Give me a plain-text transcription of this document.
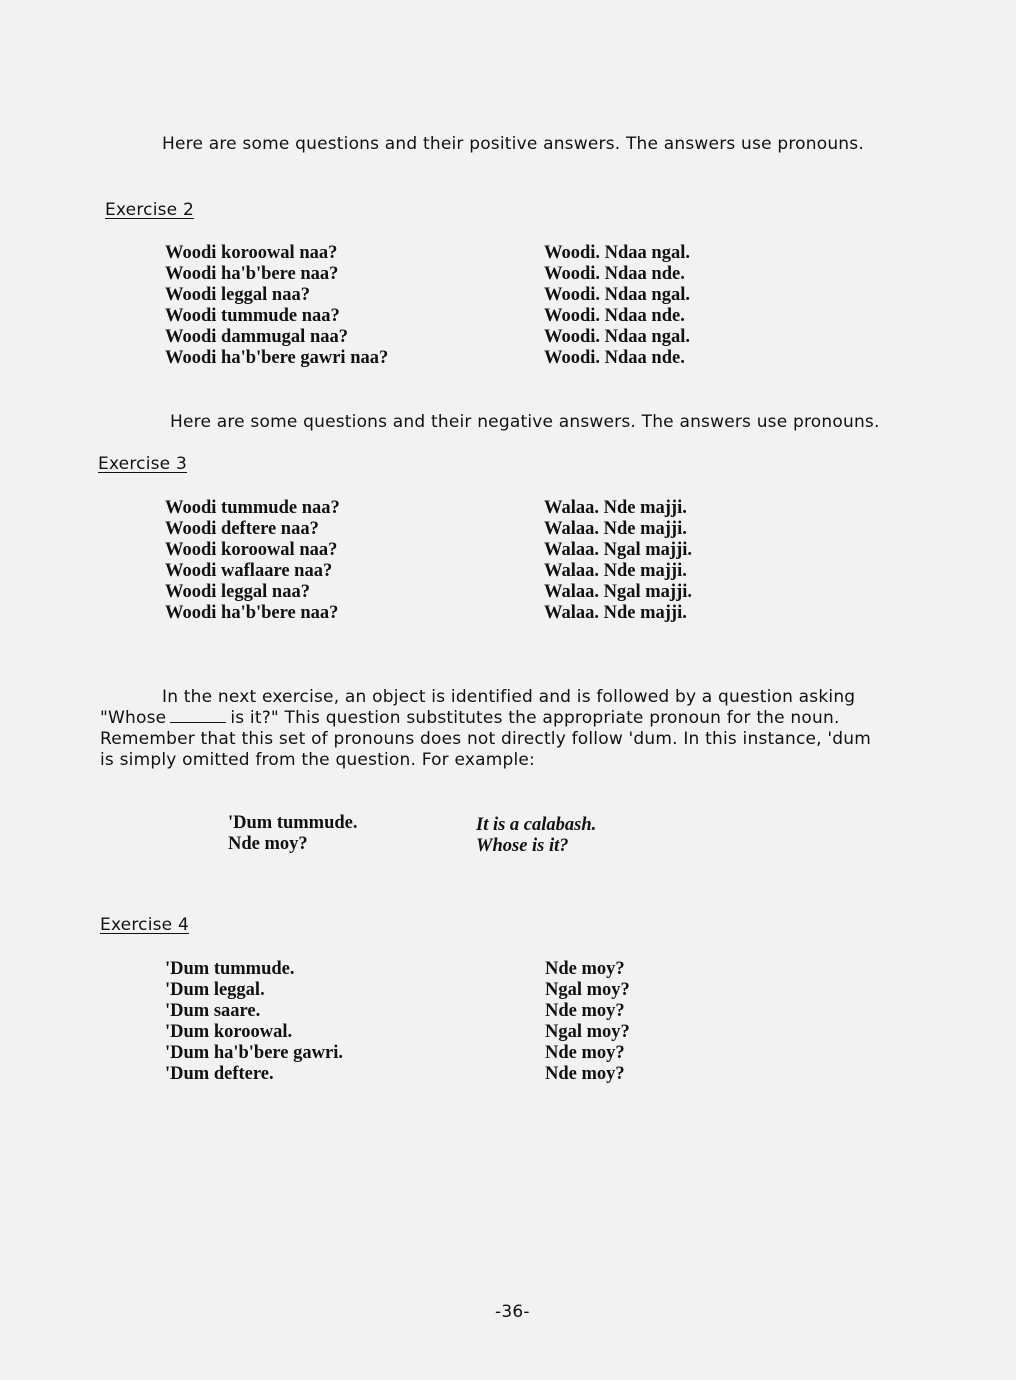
Here are some questions and their positive answers. The answers use pronouns.
Exercise 2
Woodi koroowal naa?
Woodi ha'b'bere naa?
Woodi leggal naa?
Woodi tummude naa?
Woodi dammugal naa?
Woodi ha'b'bere gawri naa?
Woodi. Ndaa ngal.
Woodi. Ndaa nde.
Woodi. Ndaa ngal.
Woodi. Ndaa nde.
Woodi. Ndaa ngal.
Woodi. Ndaa nde.
Here are some questions and their negative answers. The answers use pronouns.
Exercise 3
Woodi tummude naa?
Woodi deftere naa?
Woodi koroowal naa?
Woodi waflaare naa?
Woodi leggal naa?
Woodi ha'b'bere naa?
Walaa. Nde majji.
Walaa. Nde majji.
Walaa. Ngal majji.
Walaa. Nde majji.
Walaa. Ngal majji.
Walaa. Nde majji.
In the next exercise, an object is identified and is followed by a question asking
"Whose	is it?" This question substitutes the appropriate pronoun for the noun.
Remember that this set of pronouns does not directly follow 'dum. In this instance, 'dum
is simply omitted from the question. For example:
'Dum tummude.
Nde moy?
It is a calabash.
Whose is it?
Exercise 4
'Dum tummude.
'Dum leggal.
'Dum saare.
'Dum koroowal.
'Dum ha'b'bere gawri.
'Dum deftere.
Nde moy?
Ngal moy?
Nde moy?
Ngal moy?
Nde moy?
Nde moy?
-36-
